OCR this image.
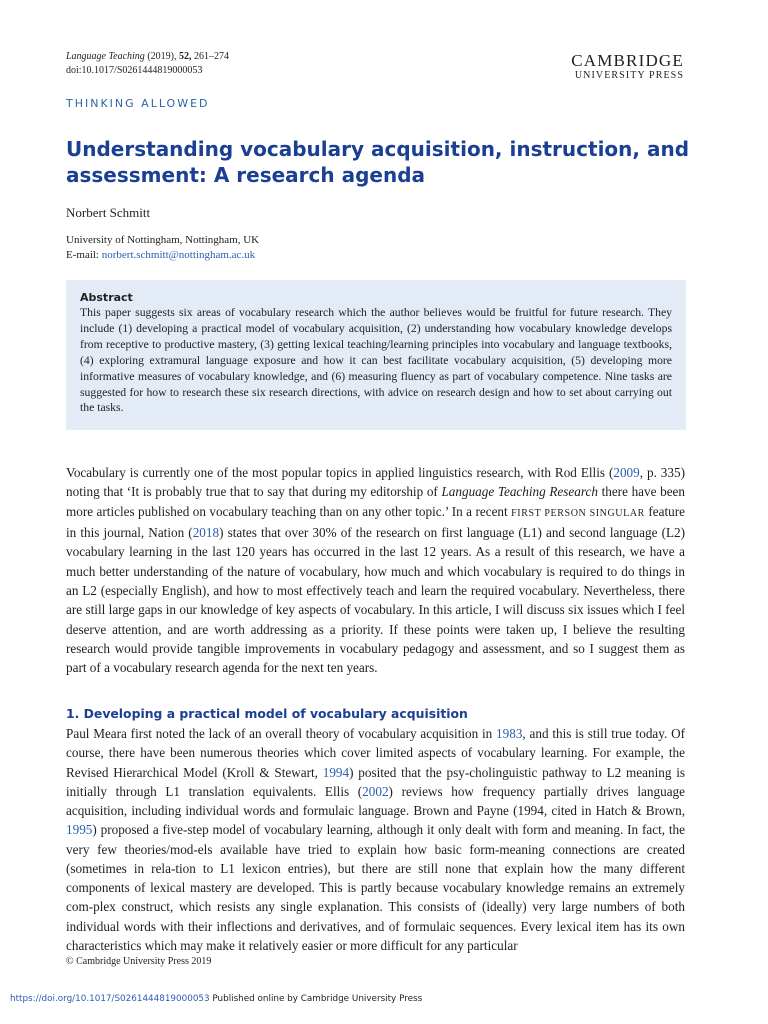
Language Teaching (2019), 52, 261–274
doi:10.1017/S0261444819000053
CAMBRIDGE
UNIVERSITY PRESS
THINKING ALLOWED
Understanding vocabulary acquisition, instruction, and assessment: A research agenda
Norbert Schmitt
University of Nottingham, Nottingham, UK
E-mail: norbert.schmitt@nottingham.ac.uk
Abstract

This paper suggests six areas of vocabulary research which the author believes would be fruitful for future research. They include (1) developing a practical model of vocabulary acquisition, (2) understanding how vocabulary knowledge develops from receptive to productive mastery, (3) getting lexical teaching/learning principles into vocabulary and language textbooks, (4) exploring extramural language exposure and how it can best facilitate vocabulary acquisition, (5) developing more informative measures of vocabulary knowledge, and (6) measuring fluency as part of vocabulary competence. Nine tasks are suggested for how to research these six research directions, with advice on research design and how to set about carrying out the tasks.

Vocabulary is currently one of the most popular topics in applied linguistics research, with Rod Ellis (2009, p. 335) noting that ‘It is probably true that to say that during my editorship of Language Teaching Research there have been more articles published on vocabulary teaching than on any other topic.’ In a recent FIRST PERSON SINGULAR feature in this journal, Nation (2018) states that over 30% of the research on first language (L1) and second language (L2) vocabulary learning in the last 120 years has occurred in the last 12 years. As a result of this research, we have a much better understanding of the nature of vocabulary, how much and which vocabulary is required to do things in an L2 (especially English), and how to most effectively teach and learn the required vocabulary. Nevertheless, there are still large gaps in our knowledge of key aspects of vocabulary. In this article, I will discuss six issues which I feel deserve attention, and are worth addressing as a priority. If these points were taken up, I believe the resulting research would provide tangible improvements in vocabulary pedagogy and assessment, and so I suggest them as part of a vocabulary research agenda for the next ten years.

1. Developing a practical model of vocabulary acquisition

Paul Meara first noted the lack of an overall theory of vocabulary acquisition in 1983, and this is still true today. Of course, there have been numerous theories which cover limited aspects of vocabulary learning. For example, the Revised Hierarchical Model (Kroll & Stewart, 1994) posited that the psy-cholinguistic pathway to L2 meaning is initially through L1 translation equivalents. Ellis (2002) reviews how frequency partially drives language acquisition, including individual words and formulaic language. Brown and Payne (1994, cited in Hatch & Brown, 1995) proposed a five-step model of vocabulary learning, although it only dealt with form and meaning. In fact, the very few theories/mod-els available have tried to explain how basic form-meaning connections are created (sometimes in rela-tion to L1 lexicon entries), but there are still none that explain how the many different components of lexical mastery are developed. This is partly because vocabulary knowledge remains an extremely com-plex construct, which resists any single explanation. This consists of (ideally) very large numbers of both individual words with their inflections and derivatives, and of formulaic sequences. Every lexical item has its own characteristics which may make it relatively easier or more difficult for any particular

© Cambridge University Press 2019
https://doi.org/10.1017/S0261444819000053 Published online by Cambridge University Press
